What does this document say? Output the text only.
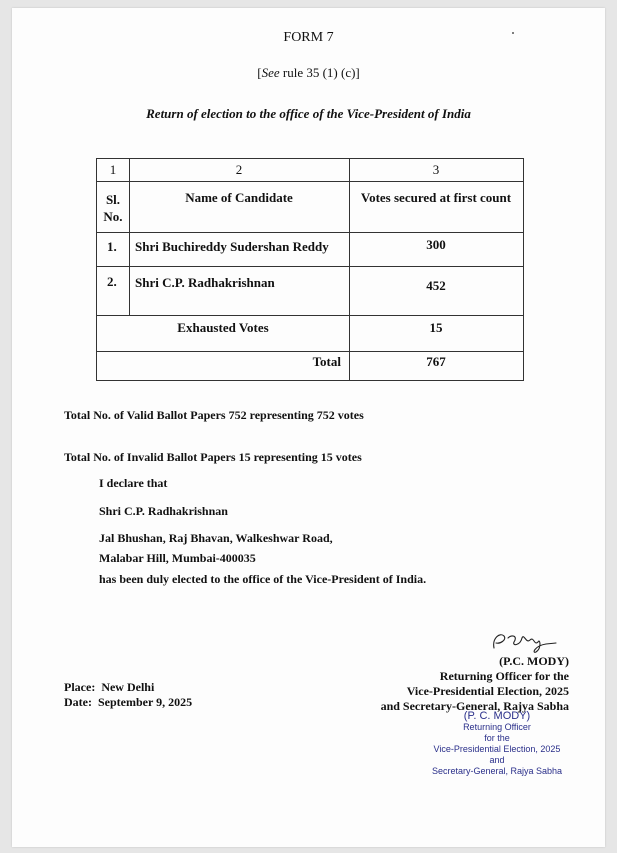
FORM 7
[See rule 35 (1) (c)]
Return of election to the office of the Vice-President of India
1	2	3
Sl.
No.
Name of Candidate	Votes secured at first count
1. Shri Buchireddy Sudershan Reddy	300
2. Shri C.P. Radhakrishnan	452
Exhausted Votes	15
Total	767
Total No. of Valid Ballot Papers 752 representing 752 votes
Total No. of Invalid Ballot Papers 15 representing 15 votes
I declare that
Shri C.P. Radhakrishnan
Jal Bhushan, Raj Bhavan, Walkeshwar Road,
Malabar Hill, Mumbai-400035
has been duly elected to the office of the Vice-President of India.
(P.C. MODY)
Returning Officer for the
Vice-Presidential Election, 2025
and Secretary-General, Rajya Sabha
Place: New Delhi
Date: September 9, 2025
(P. C. MODY)
Returning Officer
for the
Vice-Presidential Election, 2025
and
Secretary-General, Rajya Sabha
